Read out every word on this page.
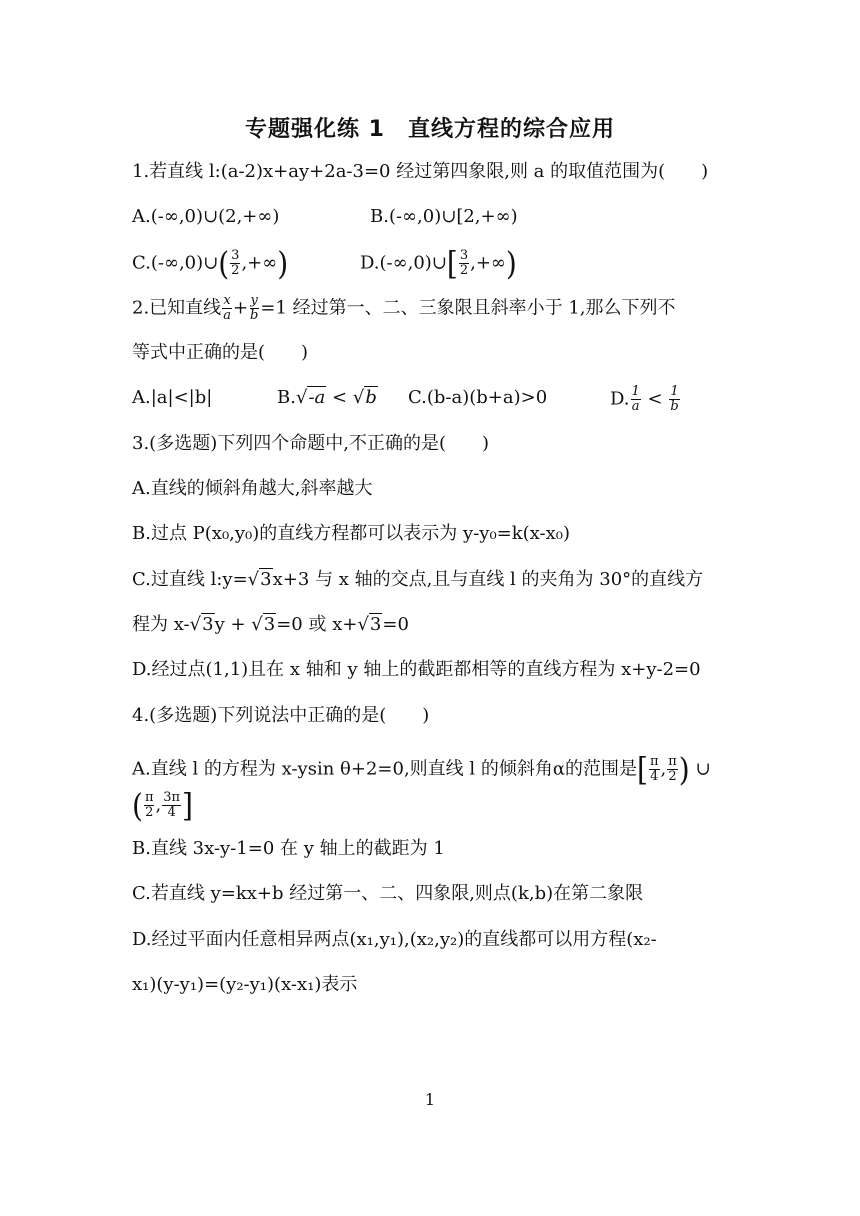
专题强化练 1　直线方程的综合应用
1.若直线 l:(a-2)x+ay+2a-3=0 经过第四象限,则 a 的取值范围为(　　)
A.(-∞,0)∪(2,+∞)	B.(-∞,0)∪[2,+∞)
C.(-∞,0)∪( $\frac{3}{2}$ ,+∞)	D.(-∞,0)∪[ $\frac{3}{2}$ ,+∞)
2.已知直线 $\frac{x}{a} + \frac{y}{b} =1$ 经过第一、二、三象限且斜率小于 1,那么下列不
等式中正确的是(　　)
A.|a|<|b|	B.√-a < √b C.(b-a)(b+a)>0	D. $\frac{1}{a} < \frac{1}{b}$
3.(多选题)下列四个命题中,不正确的是(　　)
A.直线的倾斜角越大,斜率越大
B.过点 P(x₀,y₀)的直线方程都可以表示为 y-y₀=k(x-x₀)
C.过直线 l:y=√3x+3 与 x 轴的交点,且与直线 l 的夹角为 30°的直线方
程为 x-√3y + √3=0 或 x+√3=0
D.经过点(1,1)且在 x 轴和 y 轴上的截距都相等的直线方程为 x+y-2=0
4.(多选题)下列说法中正确的是(　　)
A.直线 l 的方程为 x-ysin θ+2=0,则直线 l 的倾斜角α的范围是[ $\frac{\pi}{4}$ , $\frac{\pi}{2}$ ) ∪
( $\frac{\pi}{2}$ , $\frac{3\pi}{4}$ ]
B.直线 3x-y-1=0 在 y 轴上的截距为 1
C.若直线 y=kx+b 经过第一、二、四象限,则点(k,b)在第二象限
D.经过平面内任意相异两点(x₁,y₁),(x₂,y₂)的直线都可以用方程(x₂-
x₁)(y-y₁)=(y₂-y₁)(x-x₁)表示
1
